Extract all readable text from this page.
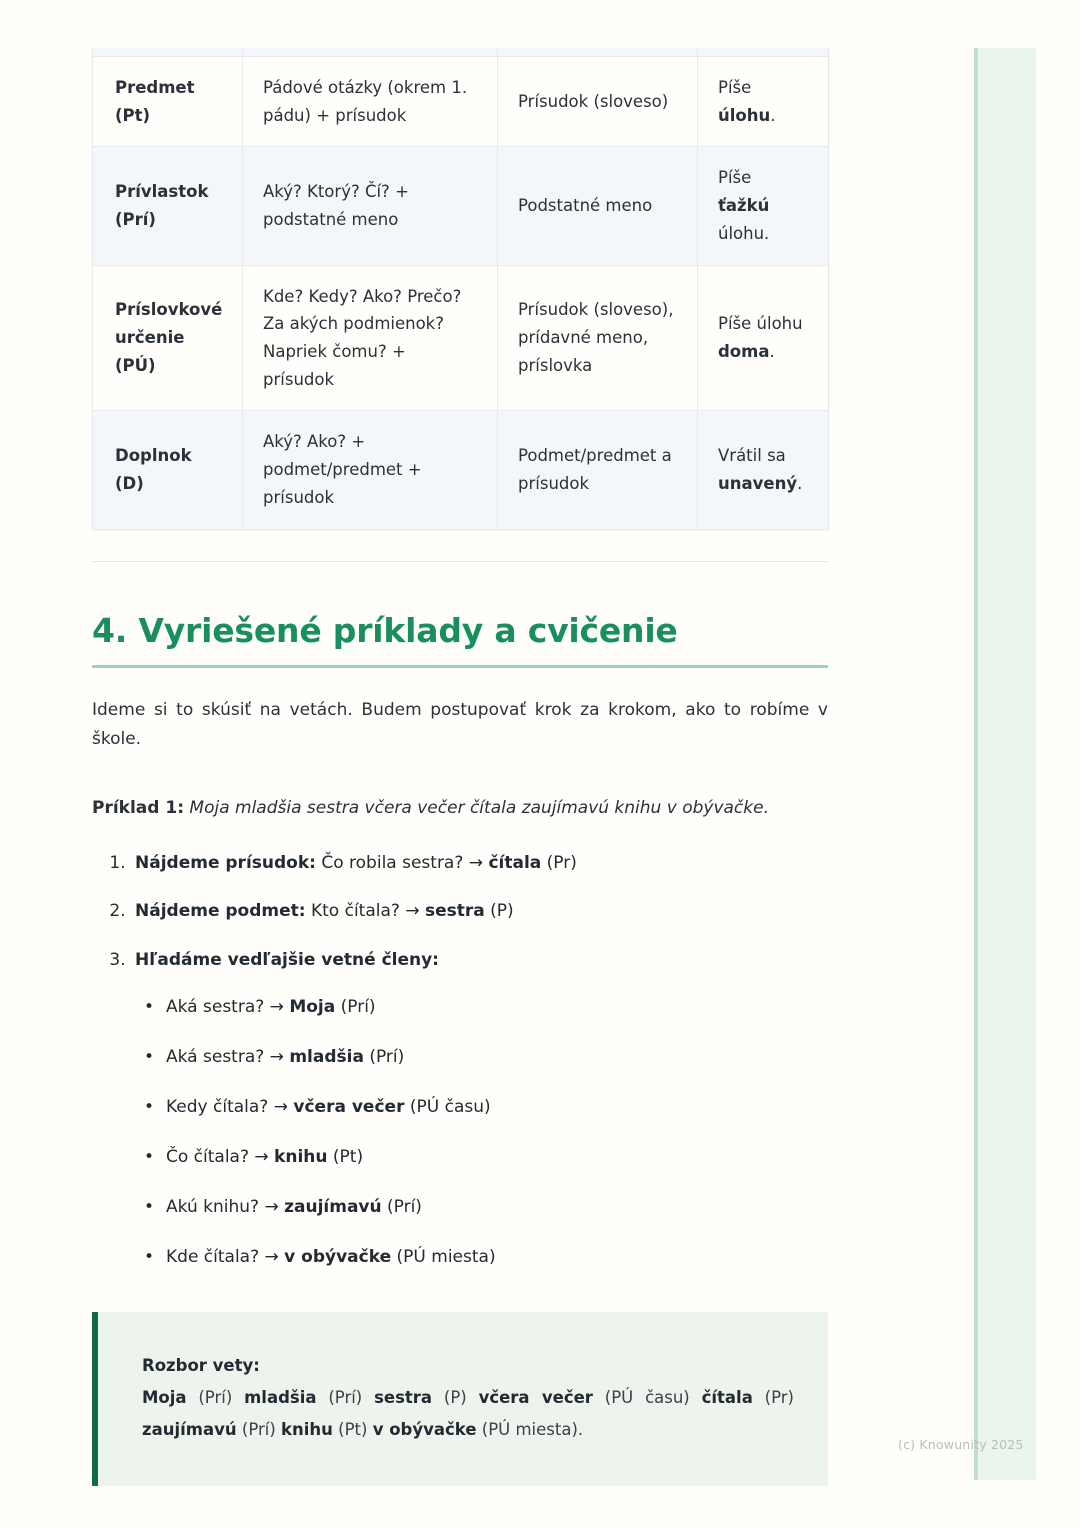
Predmet
(Pt)	Pádové otázky (okrem 1. pádu) + prísudok	Prísudok (sloveso)	Píše úlohu.
Prívlastok
(Prí)	Aký? Ktorý? Čí? + podstatné meno	Podstatné meno	Píše ťažkú úlohu.
Príslovkové určenie
(PÚ)	Kde? Kedy? Ako? Prečo? Za akých podmienok? Napriek čomu? + prísudok	Prísudok (sloveso), prídavné meno, príslovka	Píše úlohu doma.
Doplnok
(D)	Aký? Ako? + podmet/predmet + prísudok	Podmet/predmet a prísudok	Vrátil sa unavený.
4. Vyriešené príklady a cvičenie

Ideme si to skúsiť na vetách. Budem postupovať krok za krokom, ako to robíme v škole.

Príklad 1: Moja mladšia sestra včera večer čítala zaujímavú knihu v obývačke.

1. Nájdeme prísudok: Čo robila sestra? → čítala (Pr)
2. Nájdeme podmet: Kto čítala? → sestra (P)
3. Hľadáme vedľajšie vetné členy:
• Aká sestra? → Moja (Prí)
• Aká sestra? → mladšia (Prí)
• Kedy čítala? → včera večer (PÚ času)
• Čo čítala? → knihu (Pt)
• Akú knihu? → zaujímavú (Prí)
• Kde čítala? → v obývačke (PÚ miesta)
Rozbor vety:
Moja (Prí) mladšia (Prí) sestra (P) včera večer (PÚ času) čítala (Pr) zaujímavú (Prí) knihu (Pt) v obývačke (PÚ miesta).
(c) Knowunity 2025
